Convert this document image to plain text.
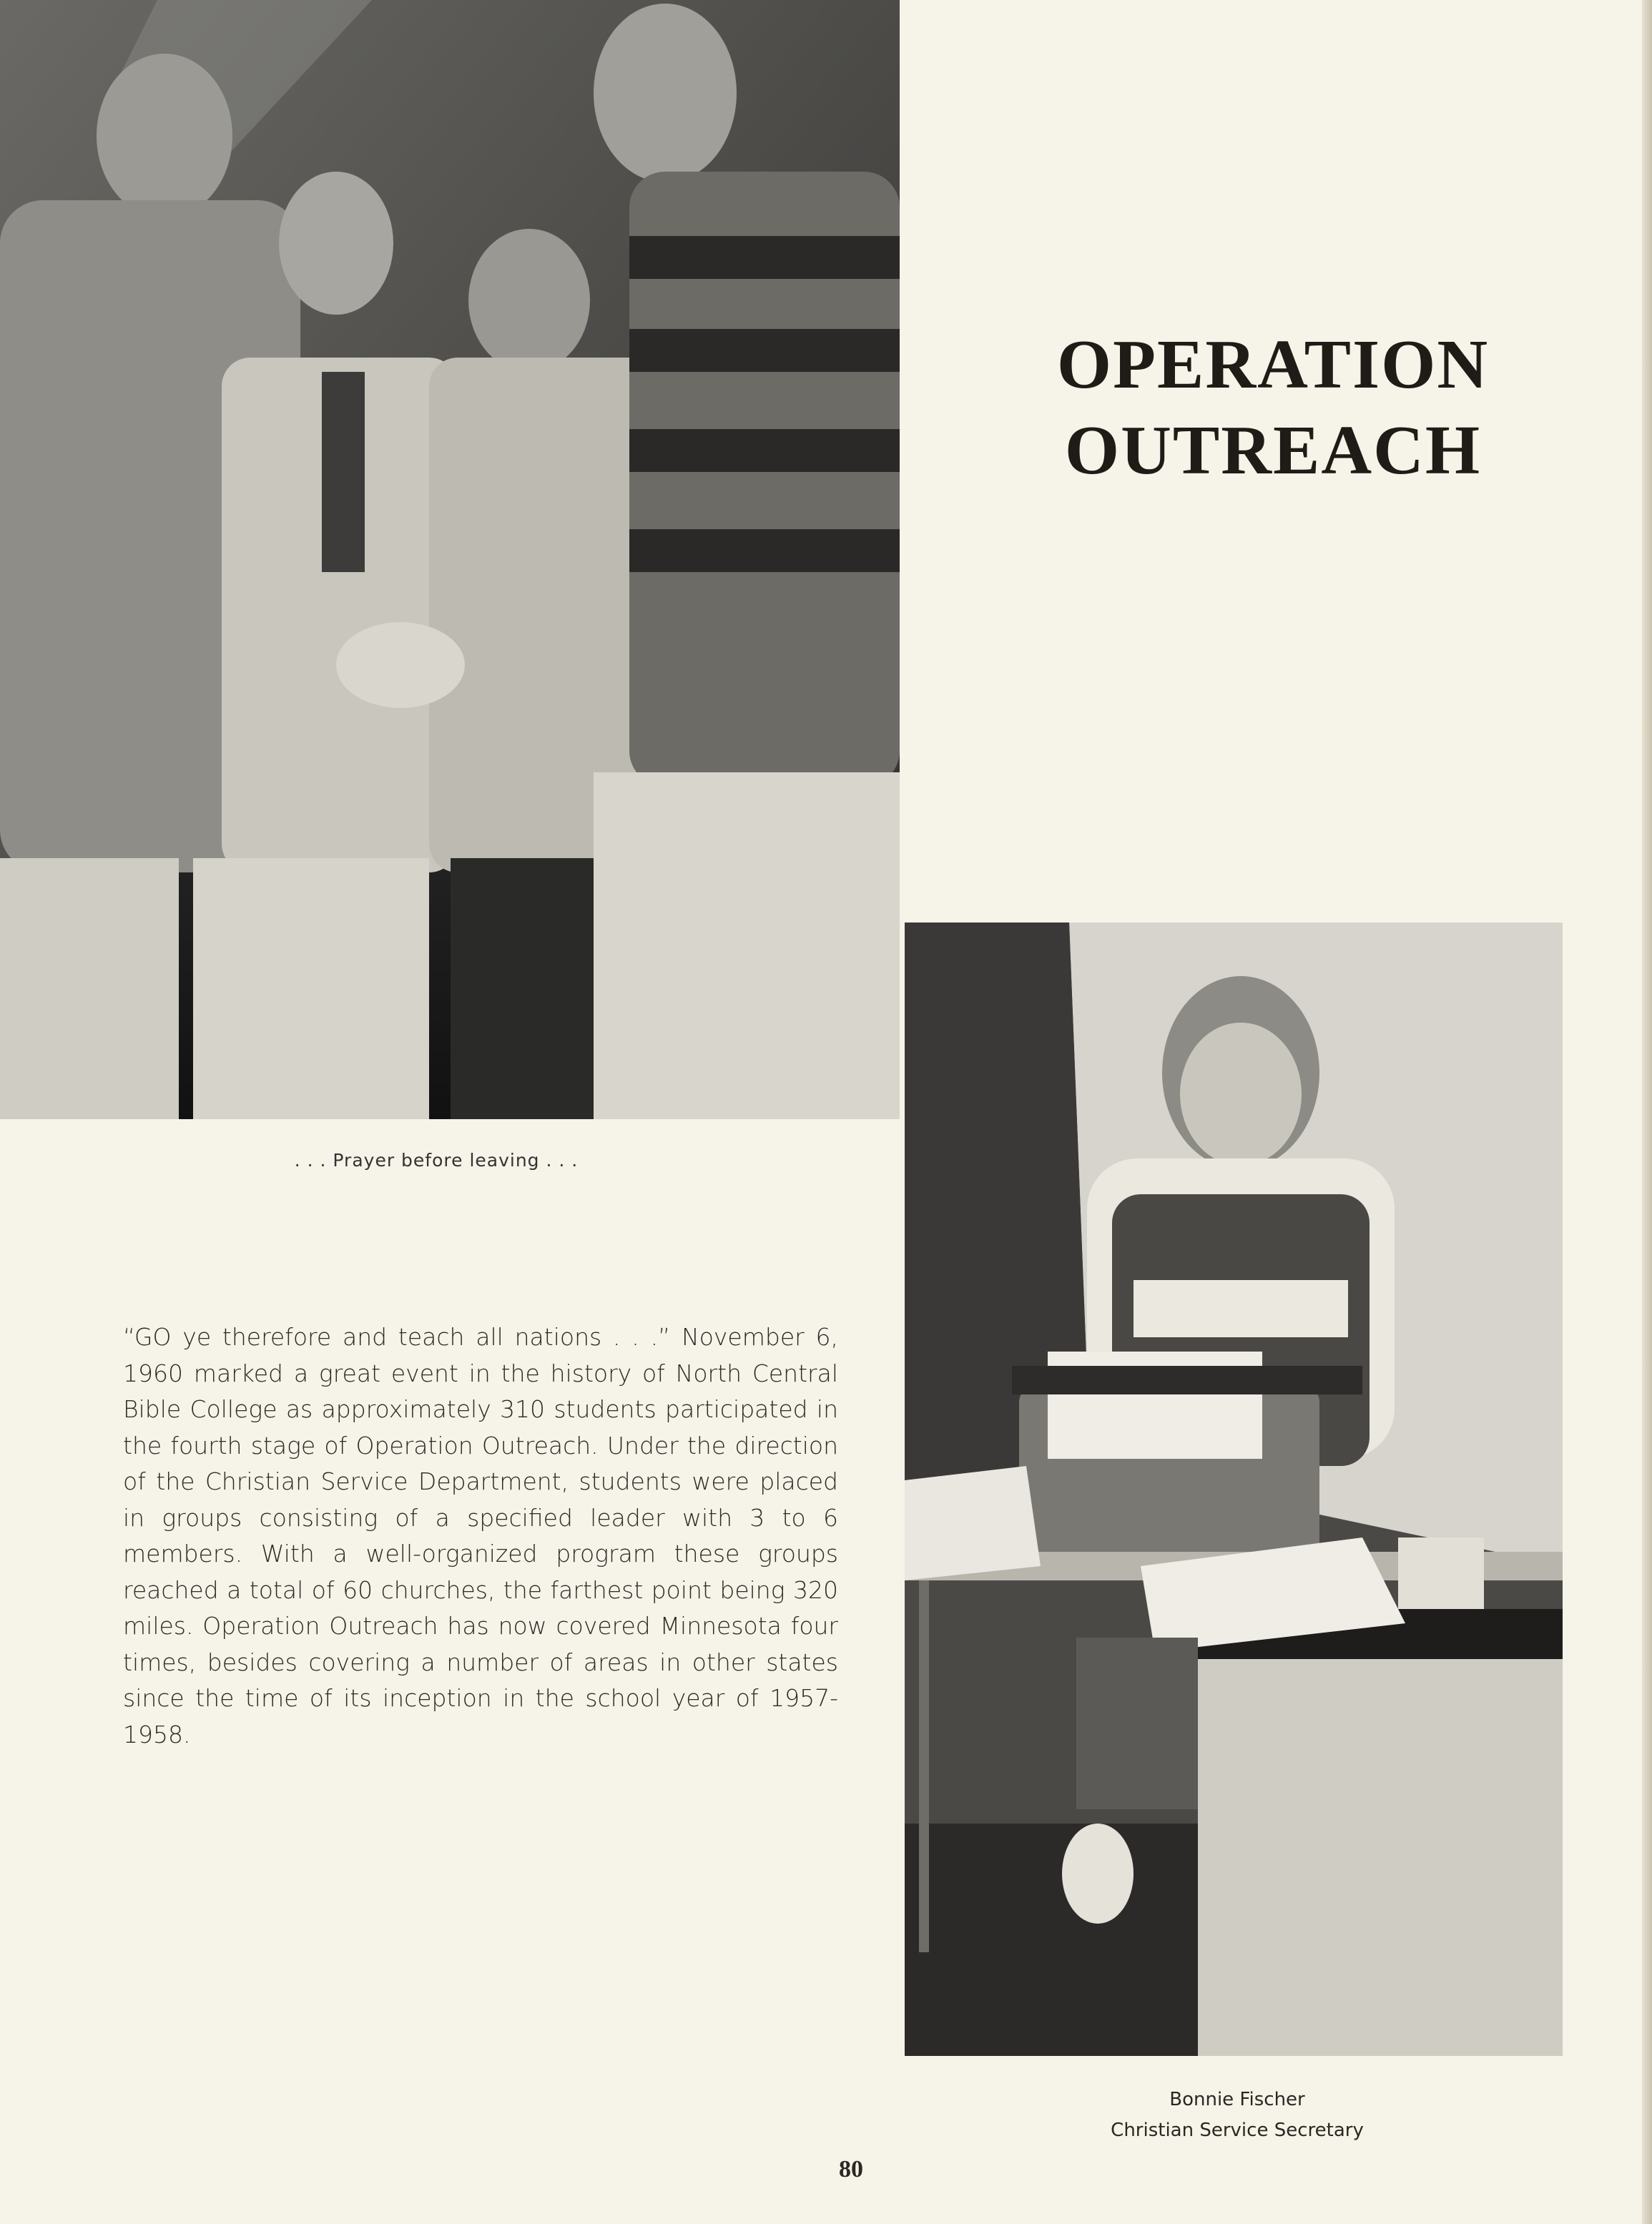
. . . Prayer before leaving . . .
OPERATION
OUTREACH
“GO ye therefore and teach all nations . . .” November 6, 1960 marked a great event in the history of North Central Bible College as approximately 310 students participated in the fourth stage of Operation Outreach. Under the direction of the Christian Service Department, students were placed in groups consisting of a specified leader with 3 to 6 members. With a well-organized program these groups reached a total of 60 churches, the farthest point being 320 miles. Operation Outreach has now covered Minnesota four times, besides covering a number of areas in other states since the time of its inception in the school year of 1957-1958.
Bonnie Fischer
Christian Service Secretary
80
